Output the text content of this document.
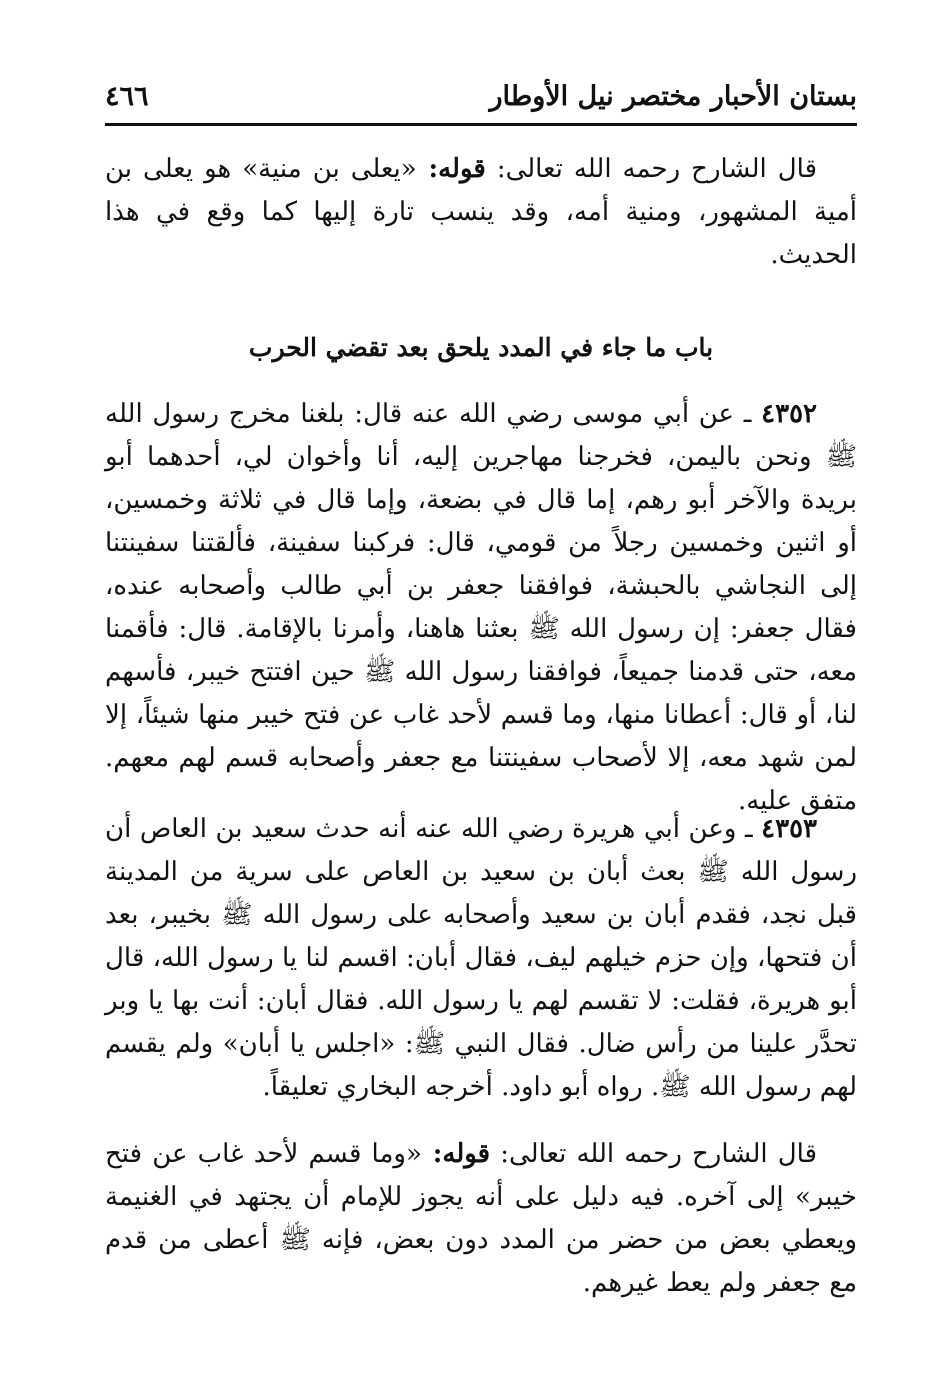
بستان الأحبار مختصر نيل الأوطار
٤٦٦

قال الشارح رحمه الله تعالى: قوله: «يعلى بن منية» هو يعلى بن أمية المشهور، ومنية أمه، وقد ينسب تارة إليها كما وقع في هذا الحديث.

باب ما جاء في المدد يلحق بعد تقضي الحرب

٤٣٥٢ ـ عن أبي موسى رضي الله عنه قال: بلغنا مخرج رسول الله ﷺ ونحن باليمن، فخرجنا مهاجرين إليه، أنا وأخوان لي، أحدهما أبو بريدة والآخر أبو رهم، إما قال في بضعة، وإما قال في ثلاثة وخمسين، أو اثنين وخمسين رجلاً من قومي، قال: فركبنا سفينة، فألقتنا سفينتنا إلى النجاشي بالحبشة، فوافقنا جعفر بن أبي طالب وأصحابه عنده، فقال جعفر: إن رسول الله ﷺ بعثنا هاهنا، وأمرنا بالإقامة. قال: فأقمنا معه، حتى قدمنا جميعاً، فوافقنا رسول الله ﷺ حين افتتح خيبر، فأسهم لنا، أو قال: أعطانا منها، وما قسم لأحد غاب عن فتح خيبر منها شيئاً، إلا لمن شهد معه، إلا لأصحاب سفينتنا مع جعفر وأصحابه قسم لهم معهم. متفق عليه.

٤٣٥٣ ـ وعن أبي هريرة رضي الله عنه أنه حدث سعيد بن العاص أن رسول الله ﷺ بعث أبان بن سعيد بن العاص على سرية من المدينة قبل نجد، فقدم أبان بن سعيد وأصحابه على رسول الله ﷺ بخيبر، بعد أن فتحها، وإن حزم خيلهم ليف، فقال أبان: اقسم لنا يا رسول الله، قال أبو هريرة، فقلت: لا تقسم لهم يا رسول الله. فقال أبان: أنت بها يا وبر تحدَّر علينا من رأس ضال. فقال النبي ﷺ: «اجلس يا أبان» ولم يقسم لهم رسول الله ﷺ. رواه أبو داود. أخرجه البخاري تعليقاً.

قال الشارح رحمه الله تعالى: قوله: «وما قسم لأحد غاب عن فتح خيبر» إلى آخره. فيه دليل على أنه يجوز للإمام أن يجتهد في الغنيمة ويعطي بعض من حضر من المدد دون بعض، فإنه ﷺ أعطى من قدم مع جعفر ولم يعط غيرهم.
